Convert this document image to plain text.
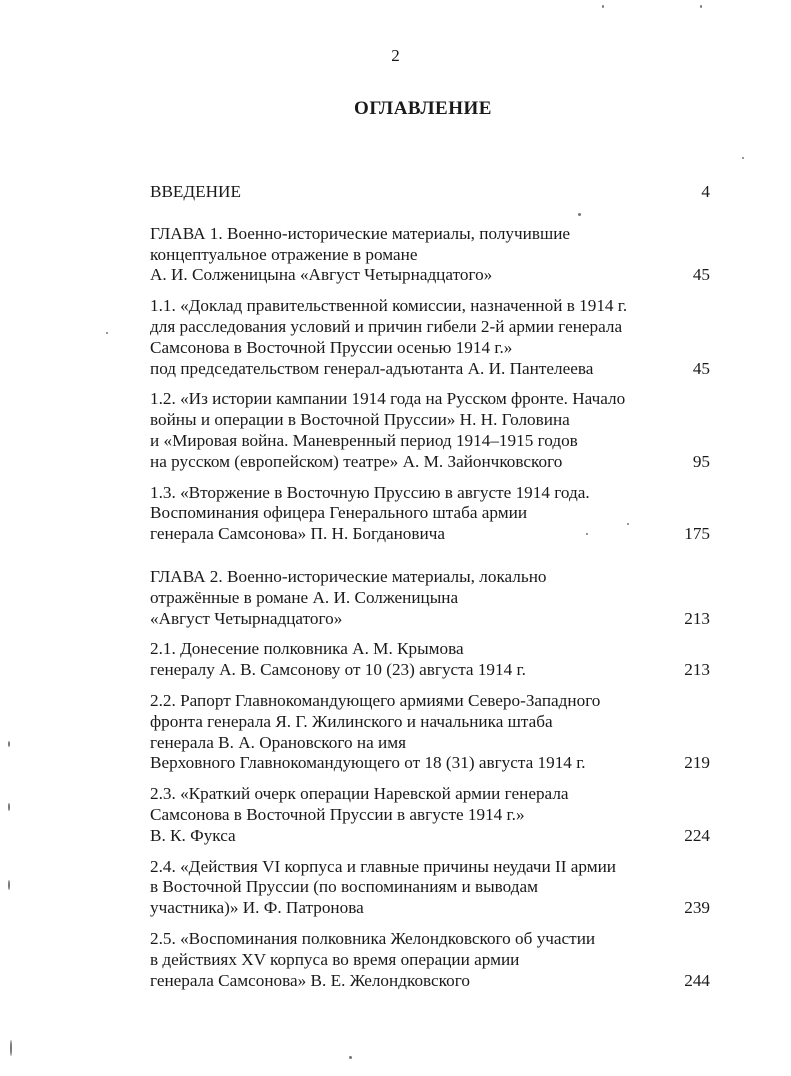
2
ОГЛАВЛЕНИЕ
ВВЕДЕНИЕ	4
ГЛАВА 1. Военно-исторические материалы, получившие
концептуальное отражение в романе
А. И. Солженицына «Август Четырнадцатого»	45
1.1. «Доклад правительственной комиссии, назначенной в 1914 г.
для расследования условий и причин гибели 2-й армии генерала
Самсонова в Восточной Пруссии осенью 1914 г.»
под председательством генерал-адъютанта А. И. Пантелеева	45
1.2. «Из истории кампании 1914 года на Русском фронте. Начало
войны и операции в Восточной Пруссии» Н. Н. Головина
и «Мировая война. Маневренный период 1914–1915 годов
на русском (европейском) театре» А. М. Зайончковского	95
1.3. «Вторжение в Восточную Пруссию в августе 1914 года.
Воспоминания офицера Генерального штаба армии
генерала Самсонова» П. Н. Богдановича	175
ГЛАВА 2. Военно-исторические материалы, локально
отражённые в романе А. И. Солженицына
«Август Четырнадцатого»	213
2.1. Донесение полковника А. М. Крымова
генералу А. В. Самсонову от 10 (23) августа 1914 г.	213
2.2. Рапорт Главнокомандующего армиями Северо-Западного
фронта генерала Я. Г. Жилинского и начальника штаба
генерала В. А. Орановского на имя
Верховного Главнокомандующего от 18 (31) августа 1914 г.	219
2.3. «Краткий очерк операции Наревской армии генерала
Самсонова в Восточной Пруссии в августе 1914 г.»
В. К. Фукса	224
2.4. «Действия VI корпуса и главные причины неудачи II армии
в Восточной Пруссии (по воспоминаниям и выводам
участника)» И. Ф. Патронова	239
2.5. «Воспоминания полковника Желондковского об участии
в действиях XV корпуса во время операции армии
генерала Самсонова» В. Е. Желондковского	244
